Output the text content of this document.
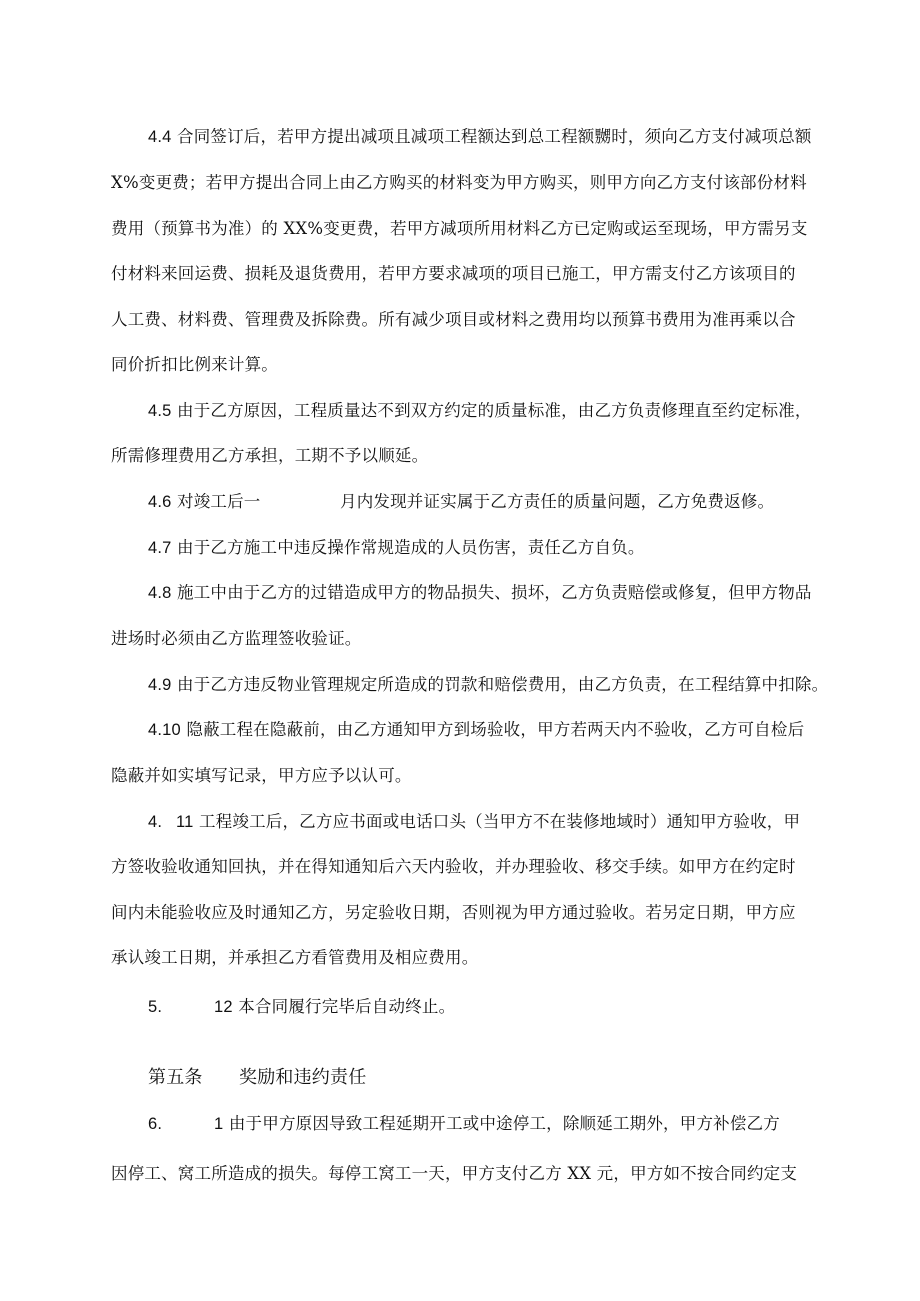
4.4 合同签订后，若甲方提出减项且减项工程额达到总工程额嬲时，须向乙方支付减项总额
X%变更费；若甲方提出合同上由乙方购买的材料变为甲方购买，则甲方向乙方支付该部份材料
费用（预算书为准）的 XX%变更费，若甲方减项所用材料乙方已定购或运至现场，甲方需另支
付材料来回运费、损耗及退货费用，若甲方要求减项的项目已施工，甲方需支付乙方该项目的
人工费、材料费、管理费及拆除费。所有减少项目或材料之费用均以预算书费用为准再乘以合
同价折扣比例来计算。
4.5 由于乙方原因，工程质量达不到双方约定的质量标准，由乙方负责修理直至约定标准，
所需修理费用乙方承担，工期不予以顺延。
4.6 对竣工后一	月内发现并证实属于乙方责任的质量问题，乙方免费返修。
4.7 由于乙方施工中违反操作常规造成的人员伤害，责任乙方自负。
4.8 施工中由于乙方的过错造成甲方的物品损失、损坏，乙方负责赔偿或修复，但甲方物品
进场时必须由乙方监理签收验证。
4.9 由于乙方违反物业管理规定所造成的罚款和赔偿费用，由乙方负责，在工程结算中扣除。
4.10 隐蔽工程在隐蔽前，由乙方通知甲方到场验收，甲方若两天内不验收，乙方可自检后
隐蔽并如实填写记录，甲方应予以认可。
4. 11 工程竣工后，乙方应书面或电话口头（当甲方不在装修地域时）通知甲方验收，甲
方签收验收通知回执，并在得知通知后六天内验收，并办理验收、移交手续。如甲方在约定时
间内未能验收应及时通知乙方，另定验收日期，否则视为甲方通过验收。若另定日期，甲方应
承认竣工日期，并承担乙方看管费用及相应费用。
5.	12 本合同履行完毕后自动终止。
第五条 奖励和违约责任
6.	1 由于甲方原因导致工程延期开工或中途停工，除顺延工期外，甲方补偿乙方
因停工、窝工所造成的损失。每停工窝工一天，甲方支付乙方 XX 元，甲方如不按合同约定支
